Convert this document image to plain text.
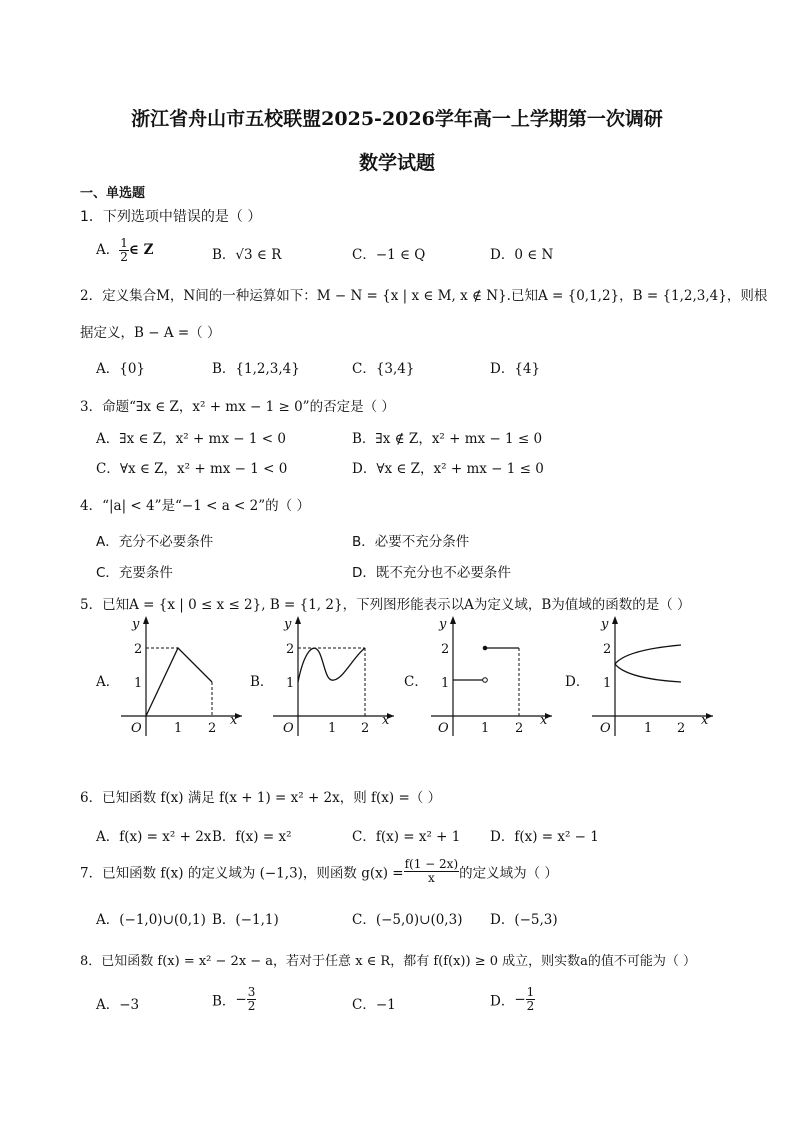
浙江省舟山市五校联盟2025-2026学年高一上学期第一次调研
数学试题
一、单选题
1．下列选项中错误的是（ ）
A． $\frac{1}{2}$ ∈ Z	B．√3 ∈ R	C．−1 ∈ Q	D．0 ∈ N
2．定义集合M，N间的一种运算如下：M − N = {x | x ∈ M, x ∉ N}.已知A = {0,1,2}，B = {1,2,3,4}，则根
据定义，B − A =（ ）
A．{0}	B．{1,2,3,4}	C．{3,4}	D．{4}
3．命题“∃x ∈ Z，x² + mx − 1 ≥ 0”的否定是（ ）
A．∃x ∈ Z，x² + mx − 1 < 0	B．∃x ∉ Z，x² + mx − 1 ≤ 0
C．∀x ∈ Z，x² + mx − 1 < 0	D．∀x ∈ Z，x² + mx − 1 ≤ 0
4．“|a| < 4”是“−1 < a < 2”的（ ）
A．充分不必要条件	B．必要不充分条件
C．充要条件	D．既不充分也不必要条件
5．已知A = {x | 0 ≤ x ≤ 2}, B = {1, 2}，下列图形能表示以A为定义域，B为值域的函数的是（ ）
A．	B．	C．	D．
y
x
O
2
1
1 2
y
x
O
2
1
1 2
y
x
O
2
1
1 2
y
x
O
2
1
1 2
6．已知函数 f(x) 满足 f(x + 1) = x² + 2x，则 f(x) =（ ）
A．f(x) = x² + 2x B．f(x) = x²	C．f(x) = x² + 1 D．f(x) = x² − 1
7．已知函数 f(x) 的定义域为 (−1,3)，则函数 $g(x) = \frac{f(1 - 2x)}{x}$ 的定义域为（ ）
A．(−1,0)∪(0,1) B．(−1,1)	C．(−5,0)∪(0,3) D．(−5,3)
8．已知函数 f(x) = x² − 2x − a，若对于任意 x ∈ R，都有 f(f(x)) ≥ 0 成立，则实数a的值不可能为（ ）
A．−3	B．− $\frac{3}{2}$	C．−1	D．− $\frac{1}{2}$
